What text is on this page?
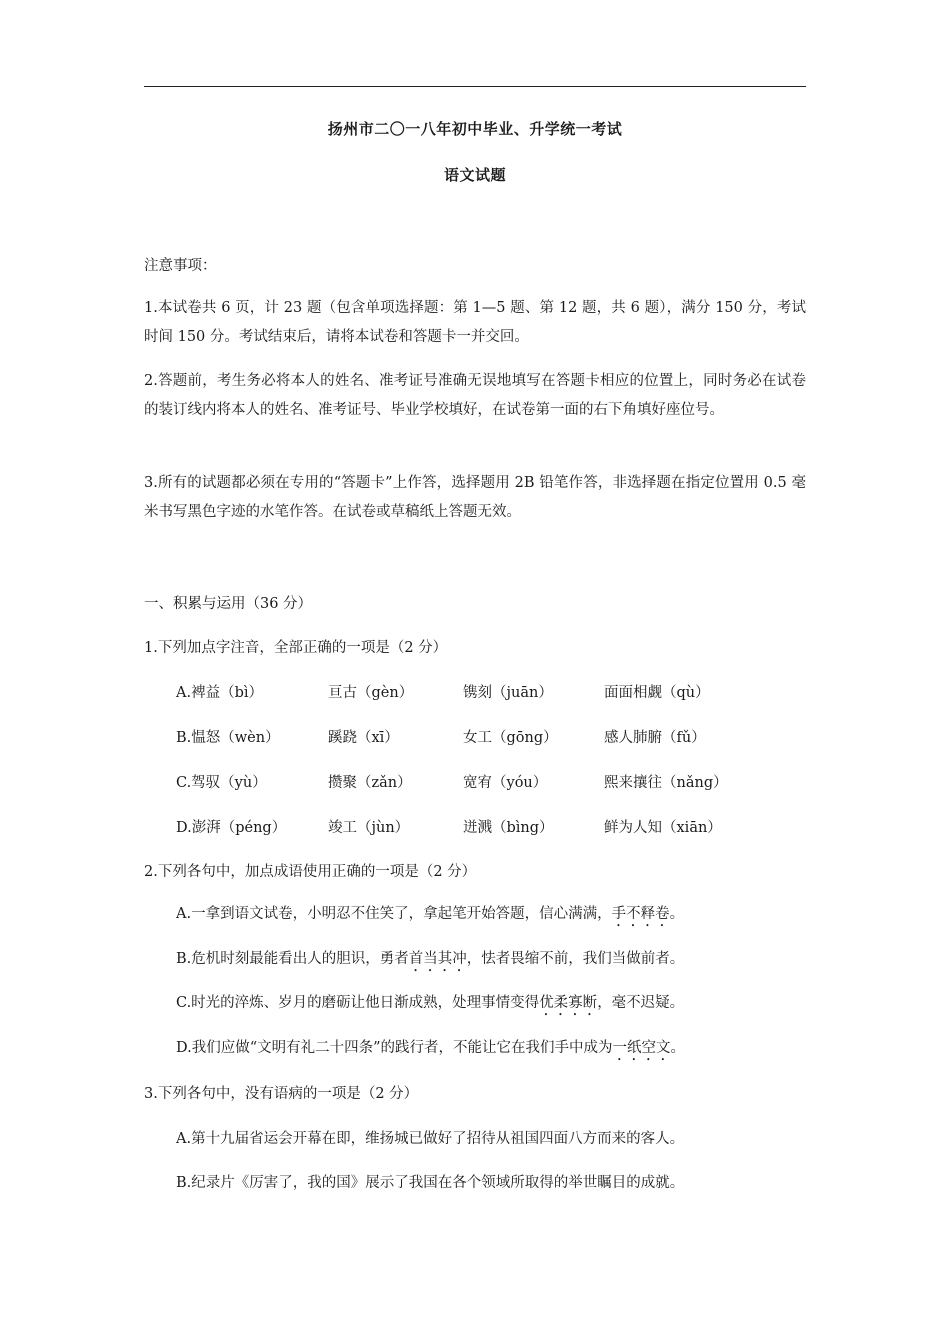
扬州市二〇一八年初中毕业、升学统一考试
语文试题
注意事项：
1.本试卷共 6 页，计 23 题（包含单项选择题：第 1—5 题、第 12 题，共 6 题），满分 150 分，考试时间 150 分。考试结束后，请将本试卷和答题卡一并交回。
2.答题前，考生务必将本人的姓名、准考证号准确无误地填写在答题卡相应的位置上，同时务必在试卷的装订线内将本人的姓名、准考证号、毕业学校填好，在试卷第一面的右下角填好座位号。
3.所有的试题都必须在专用的“答题卡”上作答，选择题用 2B 铅笔作答，非选择题在指定位置用 0.5 毫米书写黑色字迹的水笔作答。在试卷或草稿纸上答题无效。
一、积累与运用（36 分）
1.下列加点字注音，全部正确的一项是（2 分）
A.裨益（bì）	亘古（gèn）	镌刻（juān）	面面相觑（qù）
B.愠怒（wèn）	蹊跷（xī）	女工（gōng）	感人肺腑（fǔ）
C.驾驭（yù）	攒聚（zǎn）	宽宥（yóu）	熙来攘往（nǎng）
D.澎湃（péng）	竣工（jùn）	迸溅（bìng）	鲜为人知（xiān）
2.下列各句中，加点成语使用正确的一项是（2 分）
A.一拿到语文试卷，小明忍不住笑了，拿起笔开始答题，信心满满，手不释卷。
B.危机时刻最能看出人的胆识，勇者首当其冲，怯者畏缩不前，我们当做前者。
C.时光的淬炼、岁月的磨砺让他日渐成熟，处理事情变得优柔寡断，毫不迟疑。
D.我们应做“文明有礼二十四条”的践行者，不能让它在我们手中成为一纸空文。
3.下列各句中，没有语病的一项是（2 分）
A.第十九届省运会开幕在即，维扬城已做好了招待从祖国四面八方而来的客人。
B.纪录片《厉害了，我的国》展示了我国在各个领域所取得的举世瞩目的成就。
